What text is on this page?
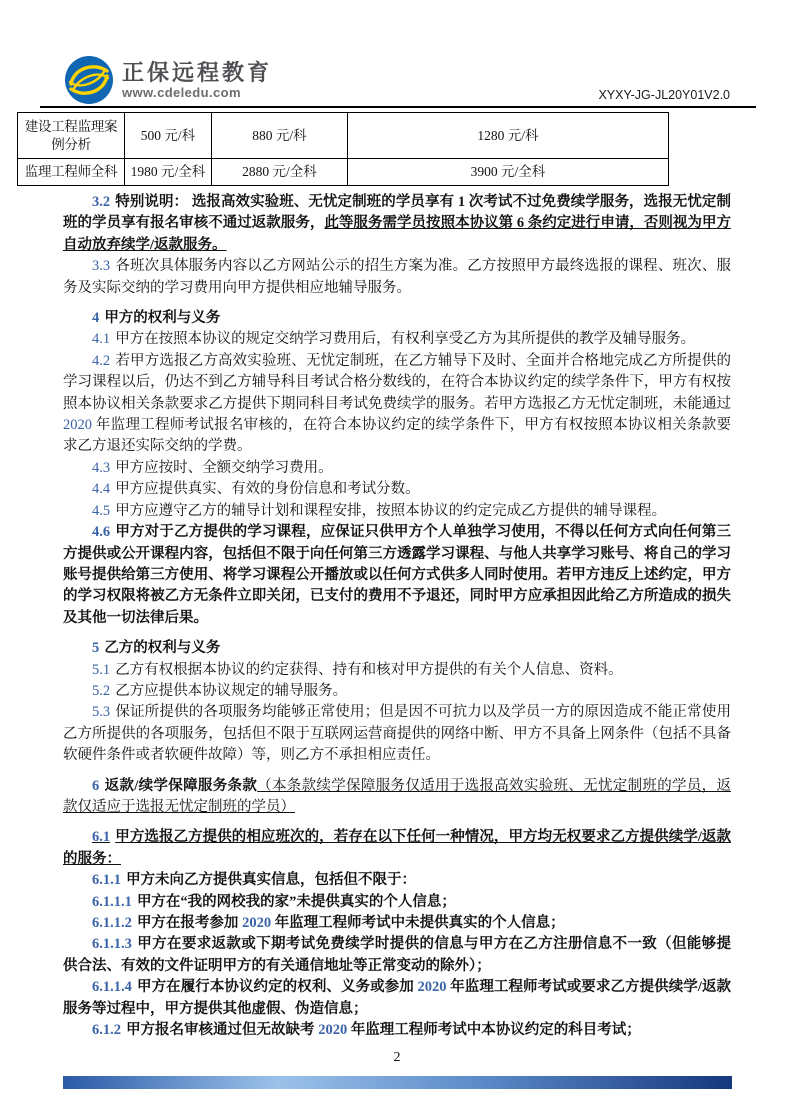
正保远程教育
www.cdeledu.com	XYXY-JG-JL20Y01V2.0
建设工程监理案例分析	500 元/科	880 元/科	1280 元/科
监理工程师全科	1980 元/全科	2880 元/全科	3900 元/全科

3.2 特别说明： 选报高效实验班、无忧定制班的学员享有 1 次考试不过免费续学服务，选报无忧定制班的学员享有报名审核不通过返款服务，此等服务需学员按照本协议第 6 条约定进行申请，否则视为甲方自动放弃续学/返款服务。

3.3 各班次具体服务内容以乙方网站公示的招生方案为准。乙方按照甲方最终选报的课程、班次、服务及实际交纳的学习费用向甲方提供相应地辅导服务。

4 甲方的权利与义务

4.1 甲方在按照本协议的规定交纳学习费用后，有权利享受乙方为其所提供的教学及辅导服务。

4.2 若甲方选报乙方高效实验班、无忧定制班，在乙方辅导下及时、全面并合格地完成乙方所提供的学习课程以后，仍达不到乙方辅导科目考试合格分数线的，在符合本协议约定的续学条件下，甲方有权按照本协议相关条款要求乙方提供下期同科目考试免费续学的服务。若甲方选报乙方无忧定制班，未能通过 2020 年监理工程师考试报名审核的，在符合本协议约定的续学条件下，甲方有权按照本协议相关条款要求乙方退还实际交纳的学费。

4.3 甲方应按时、全额交纳学习费用。

4.4 甲方应提供真实、有效的身份信息和考试分数。

4.5 甲方应遵守乙方的辅导计划和课程安排，按照本协议的约定完成乙方提供的辅导课程。

4.6 甲方对于乙方提供的学习课程，应保证只供甲方个人单独学习使用，不得以任何方式向任何第三方提供或公开课程内容，包括但不限于向任何第三方透露学习课程、与他人共享学习账号、将自己的学习账号提供给第三方使用、将学习课程公开播放或以任何方式供多人同时使用。若甲方违反上述约定，甲方的学习权限将被乙方无条件立即关闭，已支付的费用不予退还，同时甲方应承担因此给乙方所造成的损失及其他一切法律后果。

5 乙方的权利与义务

5.1 乙方有权根据本协议的约定获得、持有和核对甲方提供的有关个人信息、资料。

5.2 乙方应提供本协议规定的辅导服务。

5.3 保证所提供的各项服务均能够正常使用；但是因不可抗力以及学员一方的原因造成不能正常使用乙方所提供的各项服务，包括但不限于互联网运营商提供的网络中断、甲方不具备上网条件（包括不具备软硬件条件或者软硬件故障）等，则乙方不承担相应责任。

6 返款/续学保障服务条款（本条款续学保障服务仅适用于选报高效实验班、无忧定制班的学员，返款仅适应于选报无忧定制班的学员）

6.1 甲方选报乙方提供的相应班次的，若存在以下任何一种情况，甲方均无权要求乙方提供续学/返款的服务：

6.1.1 甲方未向乙方提供真实信息，包括但不限于：

6.1.1.1 甲方在“我的网校我的家”未提供真实的个人信息；

6.1.1.2 甲方在报考参加 2020 年监理工程师考试中未提供真实的个人信息；

6.1.1.3 甲方在要求返款或下期考试免费续学时提供的信息与甲方在乙方注册信息不一致（但能够提供合法、有效的文件证明甲方的有关通信地址等正常变动的除外）；

6.1.1.4 甲方在履行本协议约定的权利、义务或参加 2020 年监理工程师考试或要求乙方提供续学/返款服务等过程中，甲方提供其他虚假、伪造信息；

6.1.2 甲方报名审核通过但无故缺考 2020 年监理工程师考试中本协议约定的科目考试；

2
